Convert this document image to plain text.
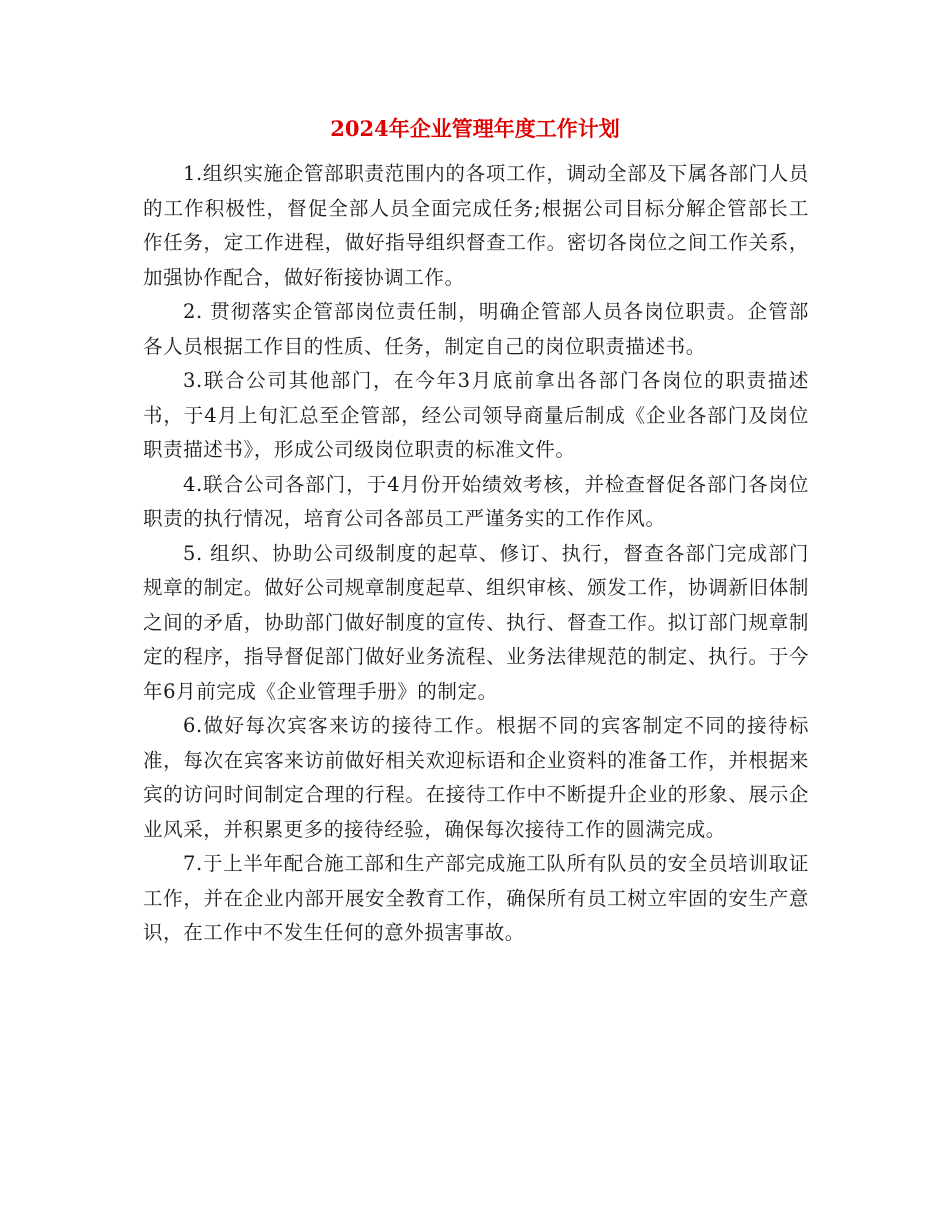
2024年企业管理年度工作计划

1.组织实施企管部职责范围内的各项工作，调动全部及下属各部门人员的工作积极性，督促全部人员全面完成任务;根据公司目标分解企管部长工作任务，定工作进程，做好指导组织督查工作。密切各岗位之间工作关系，加强协作配合，做好衔接协调工作。

2. 贯彻落实企管部岗位责任制，明确企管部人员各岗位职责。企管部各人员根据工作目的性质、任务，制定自己的岗位职责描述书。

3.联合公司其他部门，在今年3月底前拿出各部门各岗位的职责描述书，于4月上旬汇总至企管部，经公司领导商量后制成《企业各部门及岗位职责描述书》，形成公司级岗位职责的标准文件。

4.联合公司各部门，于4月份开始绩效考核，并检查督促各部门各岗位职责的执行情况，培育公司各部员工严谨务实的工作作风。

5. 组织、协助公司级制度的起草、修订、执行，督查各部门完成部门规章的制定。做好公司规章制度起草、组织审核、颁发工作，协调新旧体制之间的矛盾，协助部门做好制度的宣传、执行、督查工作。拟订部门规章制定的程序，指导督促部门做好业务流程、业务法律规范的制定、执行。于今年6月前完成《企业管理手册》的制定。

6.做好每次宾客来访的接待工作。根据不同的宾客制定不同的接待标准，每次在宾客来访前做好相关欢迎标语和企业资料的准备工作，并根据来宾的访问时间制定合理的行程。在接待工作中不断提升企业的形象、展示企业风采，并积累更多的接待经验，确保每次接待工作的圆满完成。

7.于上半年配合施工部和生产部完成施工队所有队员的安全员培训取证工作，并在企业内部开展安全教育工作，确保所有员工树立牢固的安生产意识，在工作中不发生任何的意外损害事故。
